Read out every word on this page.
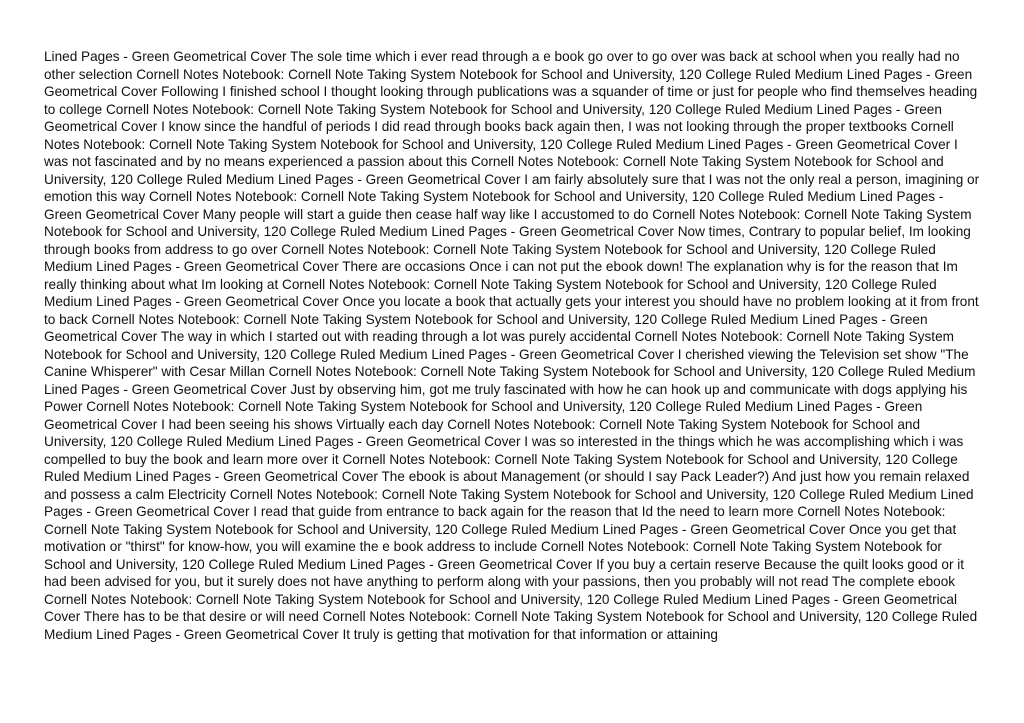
Lined Pages - Green Geometrical Cover The sole time which i ever read through a e book go over to go over was back at school when you really had no other selection Cornell Notes Notebook: Cornell Note Taking System Notebook for School and University, 120 College Ruled Medium Lined Pages - Green Geometrical Cover Following I finished school I thought looking through publications was a squander of time or just for people who find themselves heading to college Cornell Notes Notebook: Cornell Note Taking System Notebook for School and University, 120 College Ruled Medium Lined Pages - Green Geometrical Cover I know since the handful of periods I did read through books back again then, I was not looking through the proper textbooks Cornell Notes Notebook: Cornell Note Taking System Notebook for School and University, 120 College Ruled Medium Lined Pages - Green Geometrical Cover I was not fascinated and by no means experienced a passion about this Cornell Notes Notebook: Cornell Note Taking System Notebook for School and University, 120 College Ruled Medium Lined Pages - Green Geometrical Cover I am fairly absolutely sure that I was not the only real a person, imagining or emotion this way Cornell Notes Notebook: Cornell Note Taking System Notebook for School and University, 120 College Ruled Medium Lined Pages - Green Geometrical Cover Many people will start a guide then cease half way like I accustomed to do Cornell Notes Notebook: Cornell Note Taking System Notebook for School and University, 120 College Ruled Medium Lined Pages - Green Geometrical Cover Now times, Contrary to popular belief, Im looking through books from address to go over Cornell Notes Notebook: Cornell Note Taking System Notebook for School and University, 120 College Ruled Medium Lined Pages - Green Geometrical Cover There are occasions Once i can not put the ebook down! The explanation why is for the reason that Im really thinking about what Im looking at Cornell Notes Notebook: Cornell Note Taking System Notebook for School and University, 120 College Ruled Medium Lined Pages - Green Geometrical Cover Once you locate a book that actually gets your interest you should have no problem looking at it from front to back Cornell Notes Notebook: Cornell Note Taking System Notebook for School and University, 120 College Ruled Medium Lined Pages - Green Geometrical Cover The way in which I started out with reading through a lot was purely accidental Cornell Notes Notebook: Cornell Note Taking System Notebook for School and University, 120 College Ruled Medium Lined Pages - Green Geometrical Cover I cherished viewing the Television set show "The Canine Whisperer" with Cesar Millan Cornell Notes Notebook: Cornell Note Taking System Notebook for School and University, 120 College Ruled Medium Lined Pages - Green Geometrical Cover Just by observing him, got me truly fascinated with how he can hook up and communicate with dogs applying his Power Cornell Notes Notebook: Cornell Note Taking System Notebook for School and University, 120 College Ruled Medium Lined Pages - Green Geometrical Cover I had been seeing his shows Virtually each day Cornell Notes Notebook: Cornell Note Taking System Notebook for School and University, 120 College Ruled Medium Lined Pages - Green Geometrical Cover I was so interested in the things which he was accomplishing which i was compelled to buy the book and learn more over it Cornell Notes Notebook: Cornell Note Taking System Notebook for School and University, 120 College Ruled Medium Lined Pages - Green Geometrical Cover The ebook is about Management (or should I say Pack Leader?) And just how you remain relaxed and possess a calm Electricity Cornell Notes Notebook: Cornell Note Taking System Notebook for School and University, 120 College Ruled Medium Lined Pages - Green Geometrical Cover I read that guide from entrance to back again for the reason that Id the need to learn more Cornell Notes Notebook: Cornell Note Taking System Notebook for School and University, 120 College Ruled Medium Lined Pages - Green Geometrical Cover Once you get that motivation or "thirst" for know-how, you will examine the e book address to include Cornell Notes Notebook: Cornell Note Taking System Notebook for School and University, 120 College Ruled Medium Lined Pages - Green Geometrical Cover If you buy a certain reserve Because the quilt looks good or it had been advised for you, but it surely does not have anything to perform along with your passions, then you probably will not read The complete ebook Cornell Notes Notebook: Cornell Note Taking System Notebook for School and University, 120 College Ruled Medium Lined Pages - Green Geometrical Cover There has to be that desire or will need Cornell Notes Notebook: Cornell Note Taking System Notebook for School and University, 120 College Ruled Medium Lined Pages - Green Geometrical Cover It truly is getting that motivation for that information or attaining
